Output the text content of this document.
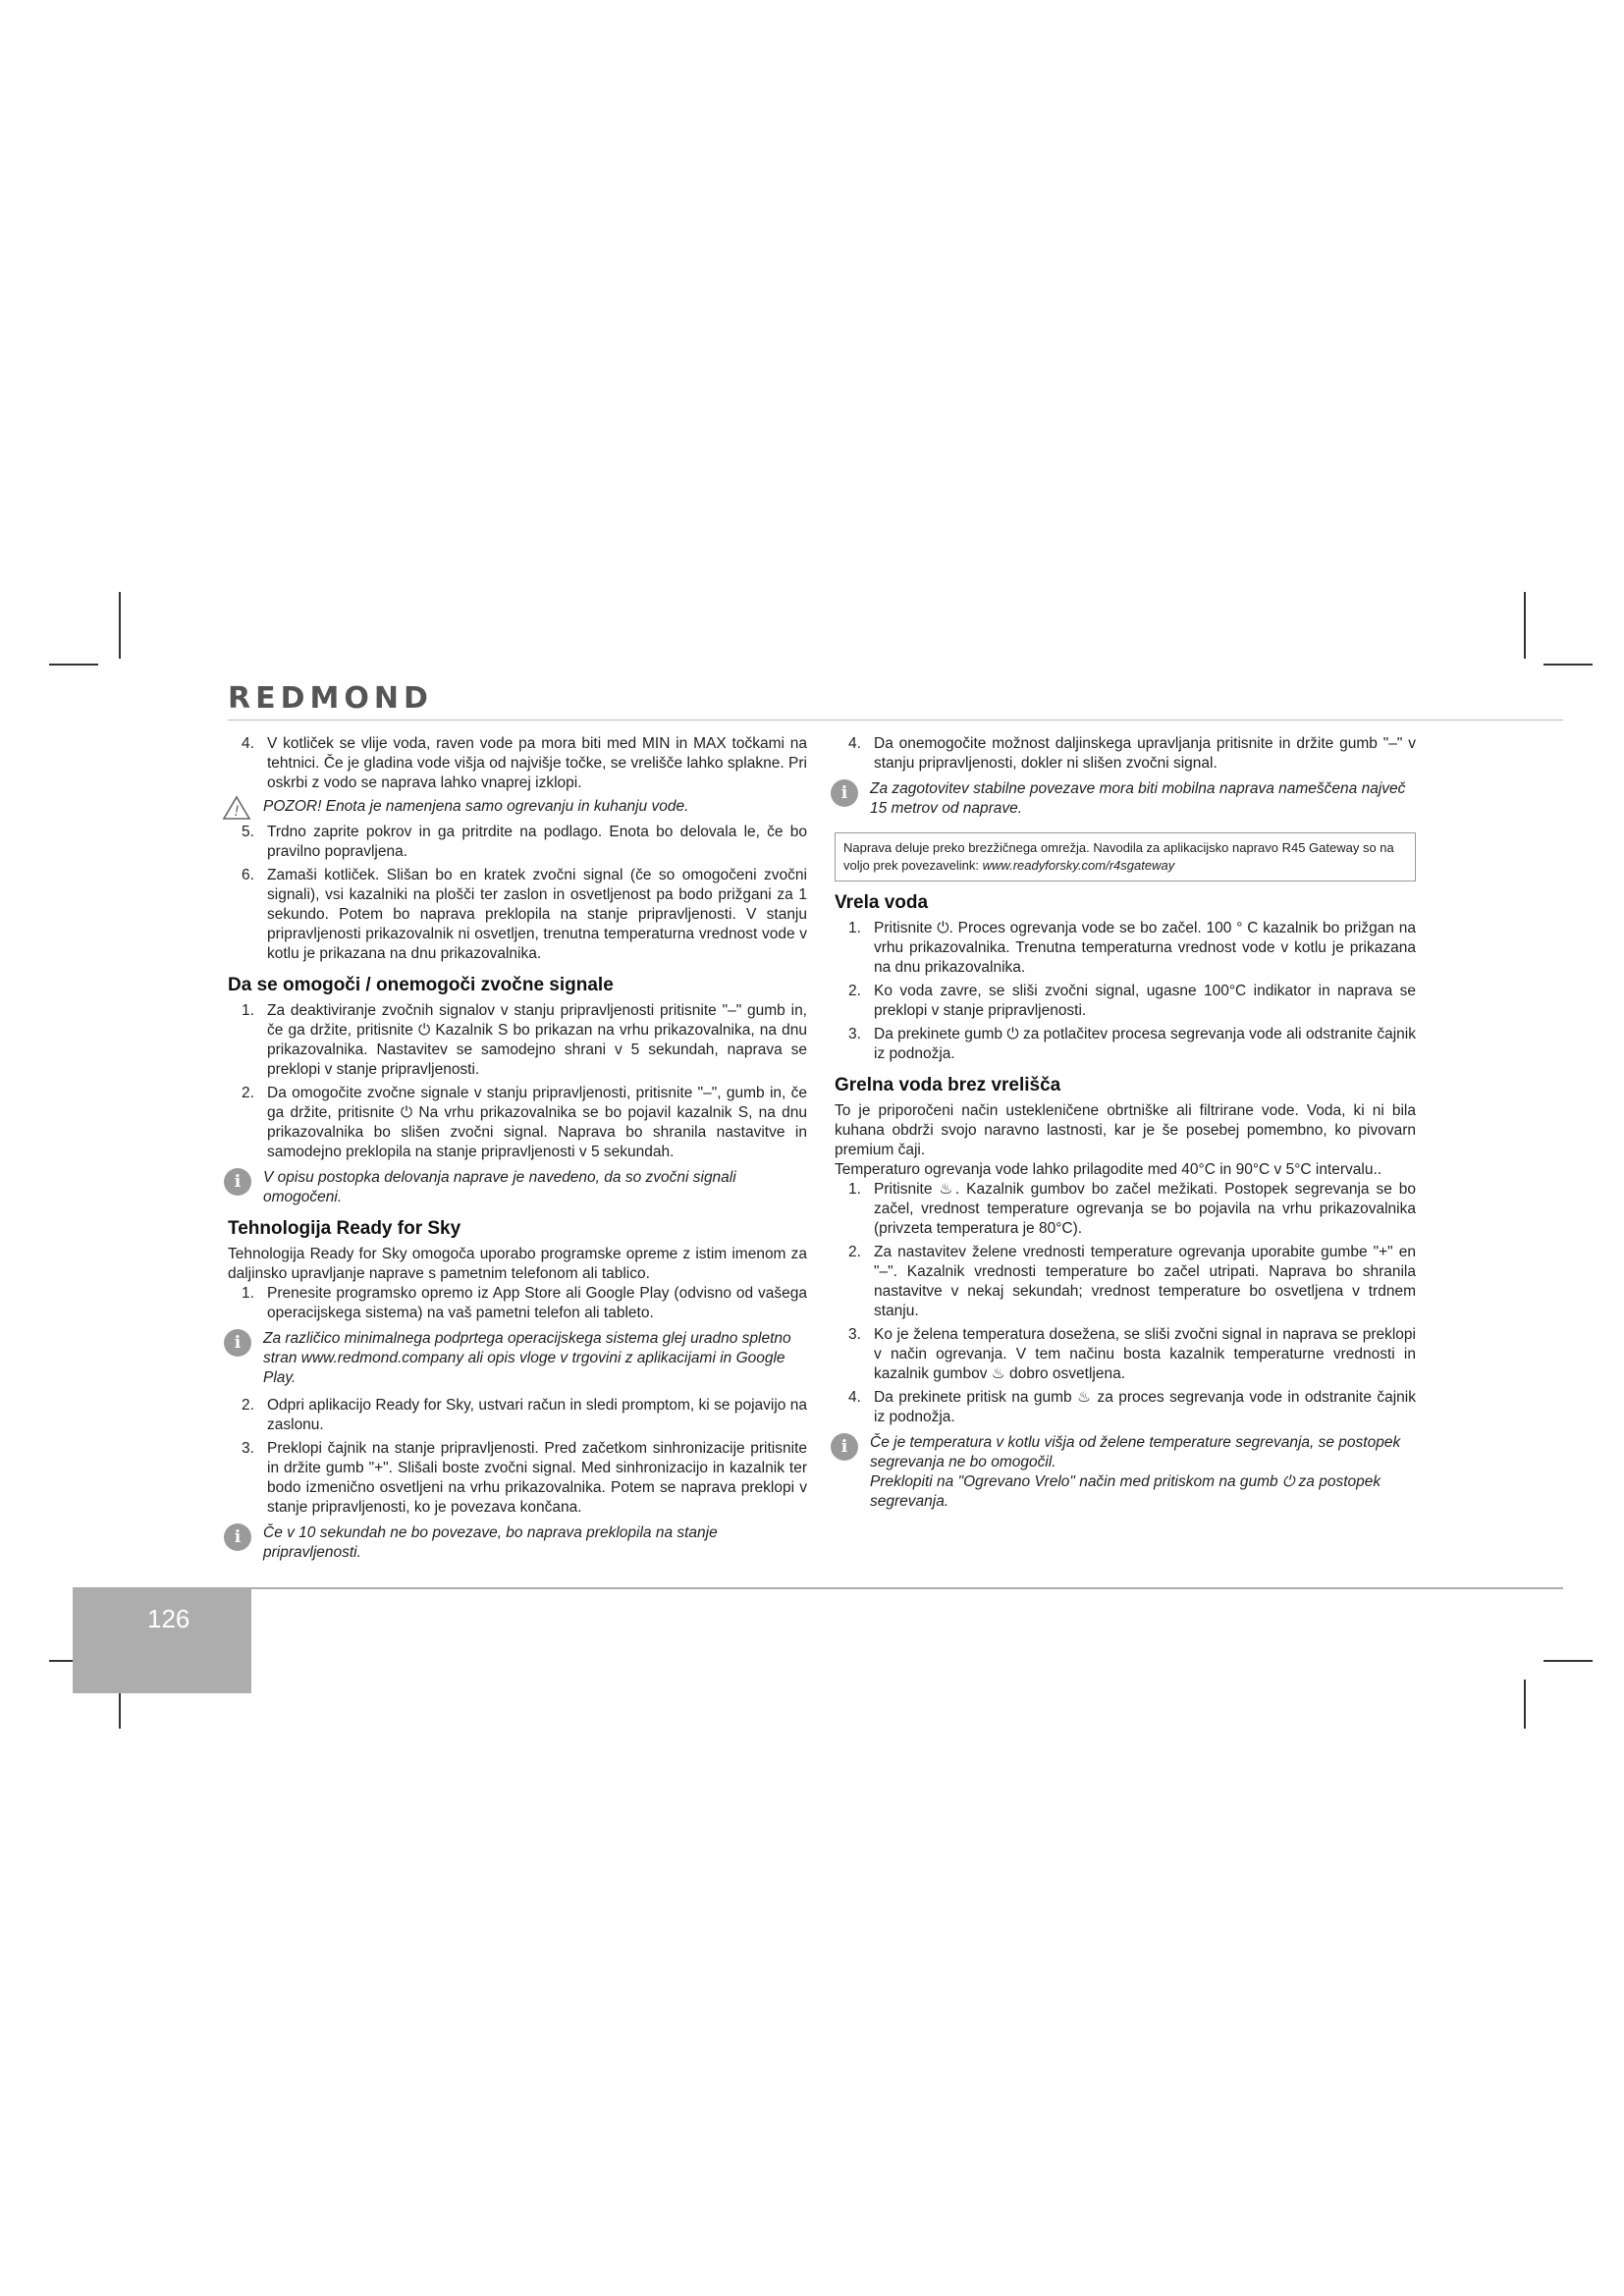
REDMOND
4. V kotliček se vlije voda, raven vode pa mora biti med MIN in MAX točkami na tehtnici. Če je gladina vode višja od najvišje točke, se vrelišče lahko splakne. Pri oskrbi z vodo se naprava lahko vnaprej izklopi.

! POZOR! Enota je namenjena samo ogrevanju in kuhanju vode.

5. Trdno zaprite pokrov in ga pritrdite na podlago. Enota bo delovala le, če bo pravilno popravljena.

6. Zamaši kotliček. Slišan bo en kratek zvočni signal (če so omogočeni zvočni signali), vsi kazalniki na plošči ter zaslon in osvetljenost pa bodo prižgani za 1 sekundo. Potem bo naprava preklopila na stanje pripravljenosti. V stanju pripravljenosti prikazovalnik ni osvetljen, trenutna temperaturna vrednost vode v kotlu je prikazana na dnu prikazovalnika.

Da se omogoči / onemogoči zvočne signale
1. Za deaktiviranje zvočnih signalov v stanju pripravljenosti pritisnite "–" gumb in, če ga držite, pritisnite ⏻ Kazalnik S bo prikazan na vrhu prikazovalnika, na dnu prikazovalnika. Nastavitev se samodejno shrani v 5 sekundah, naprava se preklopi v stanje pripravljenosti.

2. Da omogočite zvočne signale v stanju pripravljenosti, pritisnite "–", gumb in, če ga držite, pritisnite ⏻ Na vrhu prikazovalnika se bo pojavil kazalnik S, na dnu prikazovalnika bo slišen zvočni signal. Naprava bo shranila nastavitve in samodejno preklopila na stanje pripravljenosti v 5 sekundah.

i	V opisu postopka delovanja naprave je navedeno, da so zvočni signali omogočeni.

Tehnologija Ready for Sky

Tehnologija Ready for Sky omogoča uporabo programske opreme z istim imenom za daljinsko upravljanje naprave s pametnim telefonom ali tablico.

1. Prenesite programsko opremo iz App Store ali Google Play (odvisno od vašega operacijskega sistema) na vaš pametni telefon ali tableto.

i	Za različico minimalnega podprtega operacijskega sistema glej uradno spletno stran www.redmond.company ali opis vloge v trgovini z aplikacijami in Google Play.

2. Odpri aplikacijo Ready for Sky, ustvari račun in sledi promptom, ki se pojavijo na zaslonu.

3. Preklopi čajnik na stanje pripravljenosti. Pred začetkom sinhronizacije pritisnite in držite gumb "+". Slišali boste zvočni signal. Med sinhronizacijo in kazalnik ter bodo izmenično osvetljeni na vrhu prikazovalnika. Potem se naprava preklopi v stanje pripravljenosti, ko je povezava končana.

i	Če v 10 sekundah ne bo povezave, bo naprava preklopila na stanje pripravljenosti.

4. Da onemogočite možnost daljinskega upravljanja pritisnite in držite gumb "–" v stanju pripravljenosti, dokler ni slišen zvočni signal.

i	Za zagotovitev stabilne povezave mora biti mobilna naprava nameščena največ 15 metrov od naprave.

Naprava deluje preko brezžičnega omrežja. Navodila za aplikacijsko napravo R45 Gateway so na voljo prek povezavelink: www.readyforsky.com/r4sgateway
Vrela voda
1. Pritisnite ⏻. Proces ogrevanja vode se bo začel. 100 ° C kazalnik bo prižgan na vrhu prikazovalnika. Trenutna temperaturna vrednost vode v kotlu je prikazana na dnu prikazovalnika.

2. Ko voda zavre, se sliši zvočni signal, ugasne 100°C indikator in naprava se preklopi v stanje pripravljenosti.

3. Da prekinete gumb ⏻ za potlačitev procesa segrevanja vode ali odstranite čajnik iz podnožja.

Grelna voda brez vrelišča

To je priporočeni način ustekleničene obrtniške ali filtrirane vode. Voda, ki ni bila kuhana obdrži svojo naravno lastnosti, kar je še posebej pomembno, ko pivovarn premium čaji.

Temperaturo ogrevanja vode lahko prilagodite med 40°C in 90°C v 5°C intervalu..

1. Pritisnite ♨. Kazalnik gumbov bo začel mežikati. Postopek segrevanja se bo začel, vrednost temperature ogrevanja se bo pojavila na vrhu prikazovalnika (privzeta temperatura je 80°C).

2. Za nastavitev želene vrednosti temperature ogrevanja uporabite gumbe "+" en "–". Kazalnik vrednosti temperature bo začel utripati. Naprava bo shranila nastavitve v nekaj sekundah; vrednost temperature bo osvetljena v trdnem stanju.

3. Ko je želena temperatura dosežena, se sliši zvočni signal in naprava se preklopi v način ogrevanja. V tem načinu bosta kazalnik temperaturne vrednosti in kazalnik gumbov ♨ dobro osvetljena.

4. Da prekinete pritisk na gumb ♨ za proces segrevanja vode in odstranite čajnik iz podnožja.

i	Če je temperatura v kotlu višja od želene temperature segrevanja, se postopek segrevanja ne bo omogočil.

Preklopiti na "Ogrevano Vrelo" način med pritiskom na gumb ⏻ za postopek segrevanja.

126
